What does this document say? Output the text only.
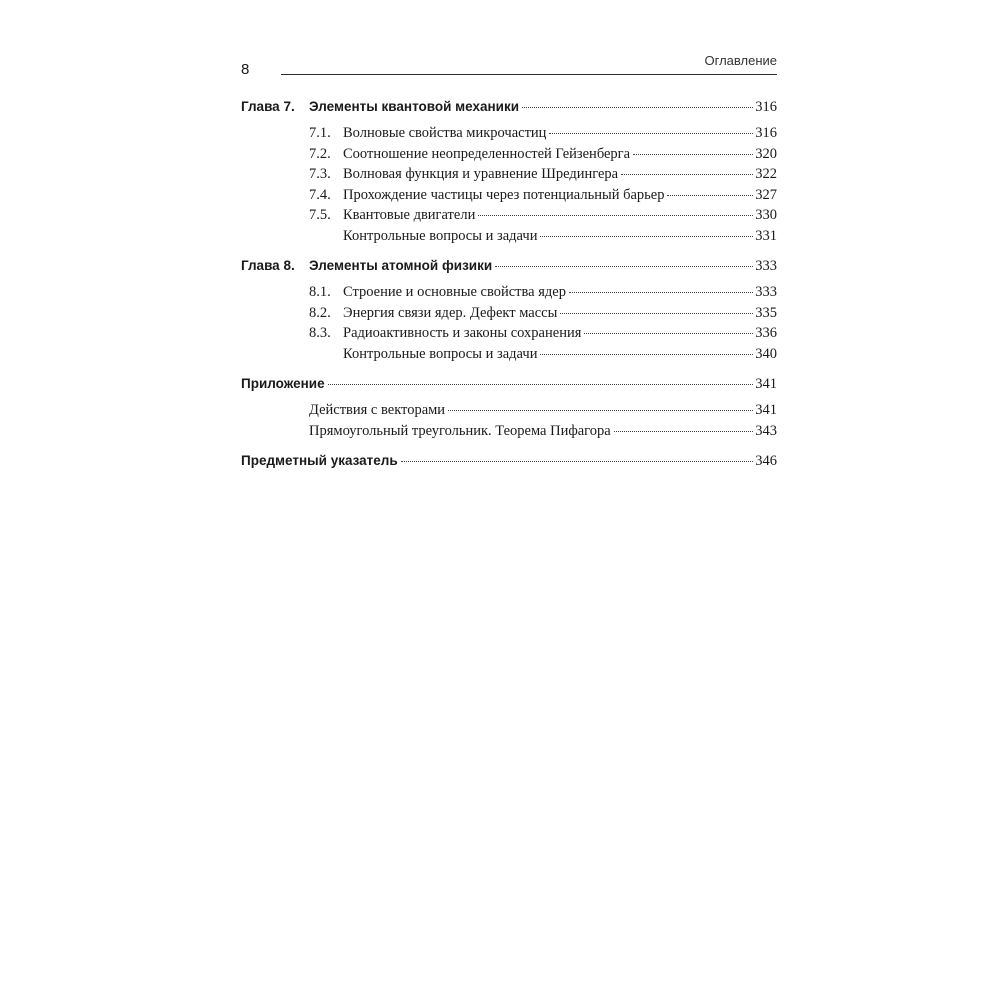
8
Оглавление
Глава 7.	Элементы квантовой механики	316
7.1. Волновые свойства микрочастиц	316
7.2. Соотношение неопределенностей Гейзенберга	320
7.3. Волновая функция и уравнение Шредингера	322
7.4. Прохождение частицы через потенциальный барьер	327
7.5. Квантовые двигатели	330
Контрольные вопросы и задачи	331
Глава 8.	Элементы атомной физики	333
8.1. Строение и основные свойства ядер	333
8.2. Энергия связи ядер. Дефект массы	335
8.3. Радиоактивность и законы сохранения	336
Контрольные вопросы и задачи	340
Приложение	341
Действия с векторами	341
Прямоугольный треугольник. Теорема Пифагора	343
Предметный указатель	346
